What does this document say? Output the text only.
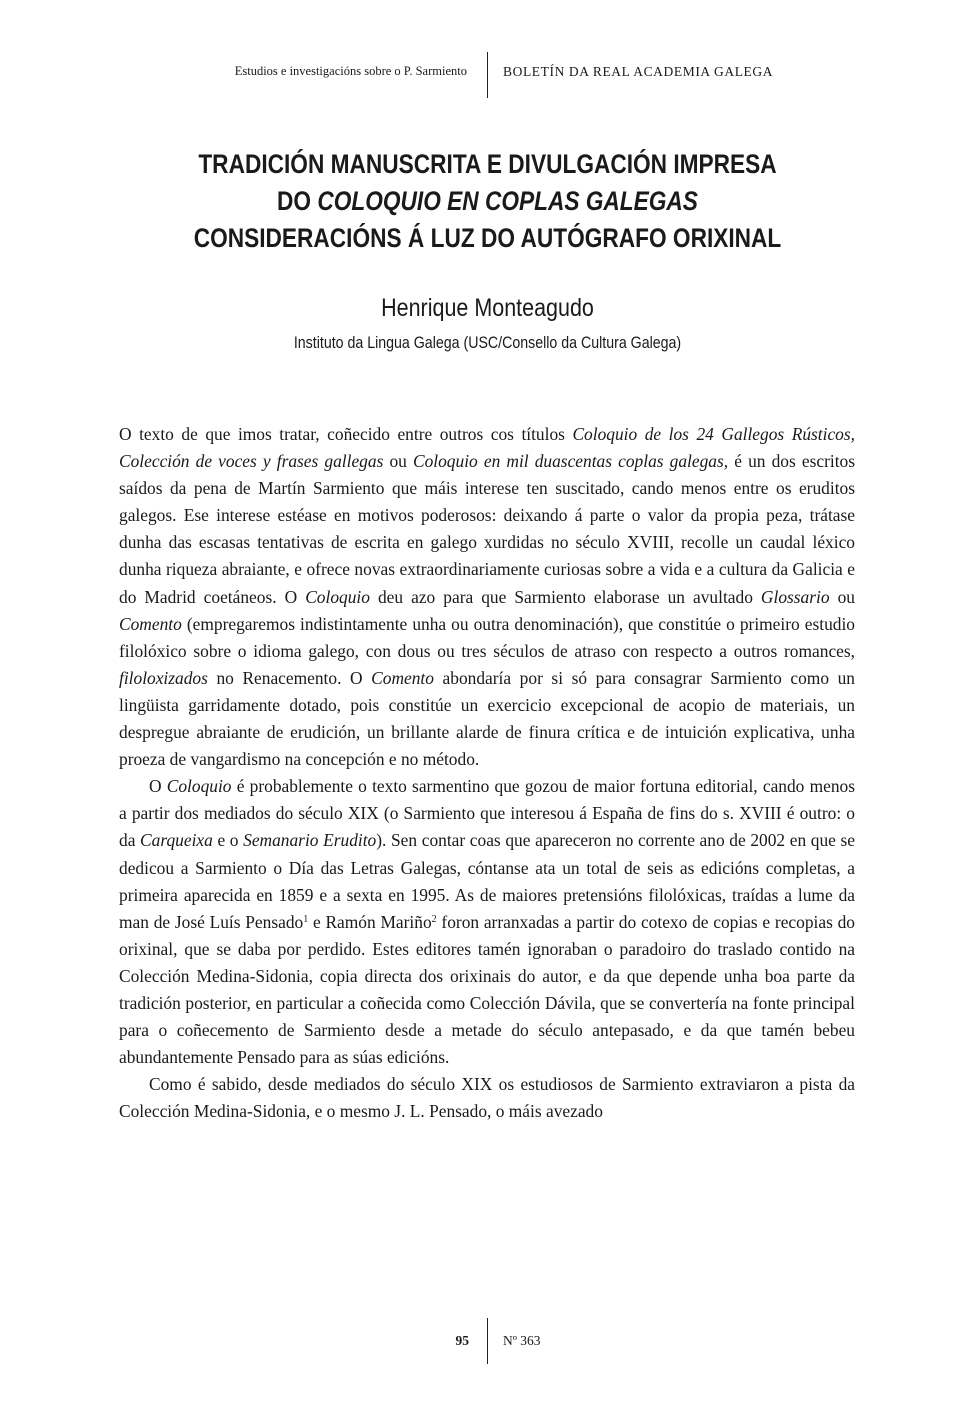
Estudios e investigacións sobre o P. Sarmiento	BOLETÍN DA REAL ACADEMIA GALEGA
TRADICIÓN MANUSCRITA E DIVULGACIÓN IMPRESA
DO COLOQUIO EN COPLAS GALEGAS
CONSIDERACIÓNS Á LUZ DO AUTÓGRAFO ORIXINAL
Henrique Monteagudo
Instituto da Lingua Galega (USC/Consello da Cultura Galega)

O texto de que imos tratar, coñecido entre outros cos títulos Coloquio de los 24 Gallegos Rústicos, Colección de voces y frases gallegas ou Coloquio en mil duascentas coplas galegas, é un dos escritos saídos da pena de Martín Sarmiento que máis interese ten suscitado, cando menos entre os eruditos galegos. Ese interese estéase en motivos poderosos: deixando á parte o valor da propia peza, trátase dunha das escasas tentativas de escrita en galego xurdidas no século XVIII, recolle un caudal léxico dunha riqueza abraiante, e ofrece novas extraordinariamente curiosas sobre a vida e a cultura da Galicia e do Madrid coetáneos. O Coloquio deu azo para que Sarmiento elaborase un avultado Glossario ou Comento (empregaremos indistintamente unha ou outra denominación), que constitúe o primeiro estudio filolóxico sobre o idioma galego, con dous ou tres séculos de atraso con respecto a outros romances, filoloxizados no Renacemento. O Comento abondaría por si só para consagrar Sarmiento como un lingüista garridamente dotado, pois constitúe un exercicio excepcional de acopio de materiais, un despregue abraiante de erudición, un brillante alarde de finura crítica e de intuición explicativa, unha proeza de vangardismo na concepción e no método.

O Coloquio é probablemente o texto sarmentino que gozou de maior fortuna editorial, cando menos a partir dos mediados do século XIX (o Sarmiento que interesou á España de fins do s. XVIII é outro: o da Carqueixa e o Semanario Erudito). Sen contar coas que apareceron no corrente ano de 2002 en que se dedicou a Sarmiento o Día das Letras Galegas, cóntanse ata un total de seis as edicións completas, a primeira aparecida en 1859 e a sexta en 1995. As de maiores pretensións filolóxicas, traídas a lume da man de José Luís Pensado$^1$ e Ramón Mariño$^2$ foron arranxadas a partir do cotexo de copias e recopias do orixinal, que se daba por perdido. Estes editores tamén ignoraban o paradoiro do traslado contido na Colección Medina-Sidonia, copia directa dos orixinais do autor, e da que depende unha boa parte da tradición posterior, en particular a coñecida como Colección Dávila, que se convertería na fonte principal para o coñecemento de Sarmiento desde a metade do século antepasado, e da que tamén bebeu abundantemente Pensado para as súas edicións.

Como é sabido, desde mediados do século XIX os estudiosos de Sarmiento extraviaron a pista da Colección Medina-Sidonia, e o mesmo J. L. Pensado, o máis avezado

95	Nº 363
